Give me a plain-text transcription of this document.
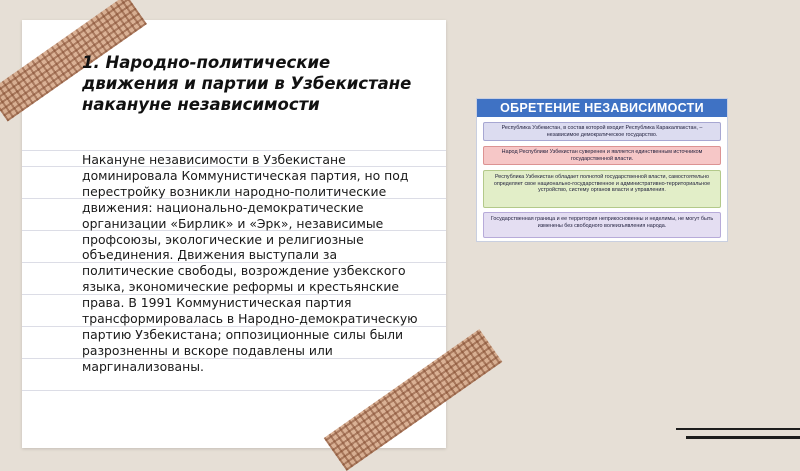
1. Народно-политические движения и партии в Узбекистане накануне независимости

Накануне независимости в Узбекистане доминировала Коммунистическая партия, но под перестройку возникли народно-политические движения: национально-демократические организации «Бирлик» и «Эрк», независимые профсоюзы, экологические и религиозные объединения. Движения выступали за политические свободы, возрождение узбекского языка, экономические реформы и крестьянские права. В 1991 Коммунистическая партия трансформировалась в Народно-демократическую партию Узбекистана; оппозиционные силы были разрозненны и вскоре подавлены или маргинализованы.

ОБРЕТЕНИЕ НЕЗАВИСИМОСТИ
Республика Узбекистан, в состав которой входит Республика Каракалпакстан, – независимое демократическое государство.
Народ Республики Узбекистан суверенен и является единственным источником государственной власти.
Республика Узбекистан обладает полнотой государственной власти, самостоятельно определяет свое национально-государственное и административно-территориальное устройство, систему органов власти и управления.
Государственная граница и ее территория неприкосновенны и неделимы, не могут быть изменены без свободного волеизъявления народа.
